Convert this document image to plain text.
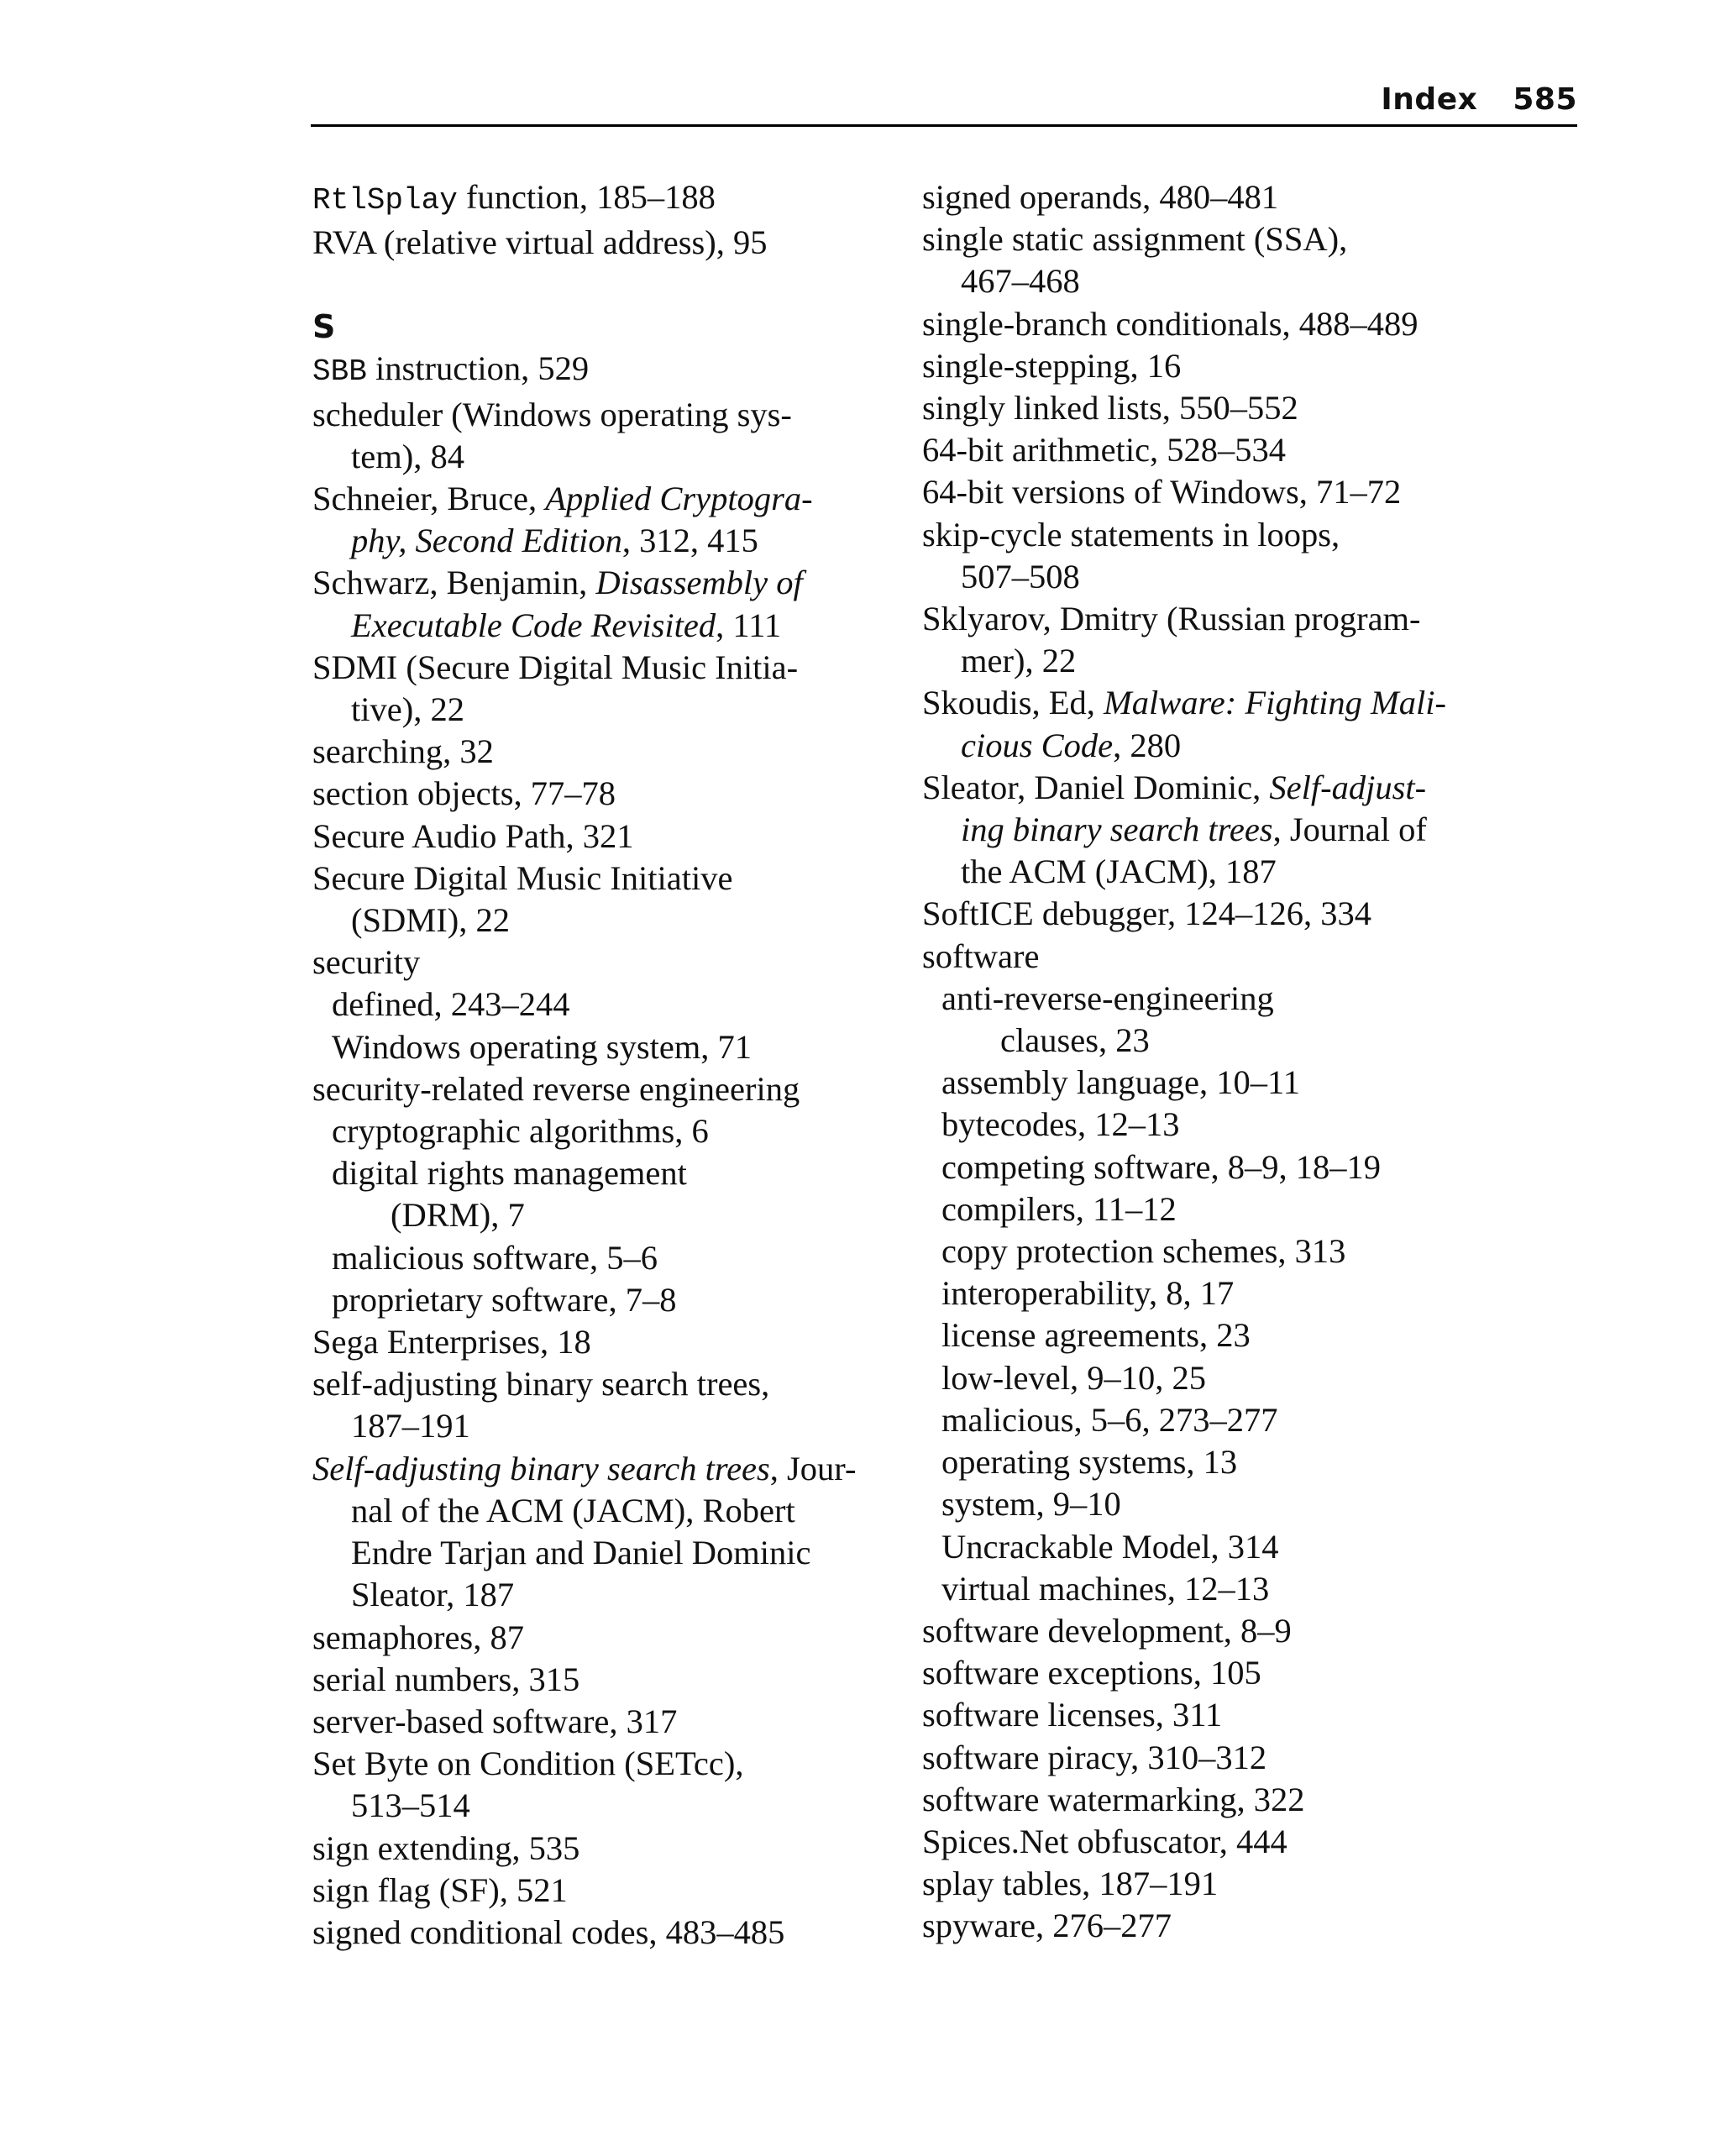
Index 585

RtlSplay function, 185–188

RVA (relative virtual address), 95

S

SBB instruction, 529

scheduler (Windows operating sys-
tem), 84

Schneier, Bruce, Applied Cryptogra-
phy, Second Edition, 312, 415

Schwarz, Benjamin, Disassembly of
Executable Code Revisited, 111

SDMI (Secure Digital Music Initia-
tive), 22

searching, 32

section objects, 77–78

Secure Audio Path, 321

Secure Digital Music Initiative
(SDMI), 22

security

defined, 243–244

Windows operating system, 71

security-related reverse engineering

cryptographic algorithms, 6

digital rights management
(DRM), 7

malicious software, 5–6

proprietary software, 7–8

Sega Enterprises, 18

self-adjusting binary search trees,
187–191

Self-adjusting binary search trees, Jour-
nal of the ACM (JACM), Robert
Endre Tarjan and Daniel Dominic
Sleator, 187

semaphores, 87

serial numbers, 315

server-based software, 317

Set Byte on Condition (SETcc),
513–514

sign extending, 535

sign flag (SF), 521

signed conditional codes, 483–485

signed operands, 480–481

single static assignment (SSA),
467–468

single-branch conditionals, 488–489

single-stepping, 16

singly linked lists, 550–552

64-bit arithmetic, 528–534

64-bit versions of Windows, 71–72

skip-cycle statements in loops,
507–508

Sklyarov, Dmitry (Russian program-
mer), 22

Skoudis, Ed, Malware: Fighting Mali-
cious Code, 280

Sleator, Daniel Dominic, Self-adjust-
ing binary search trees, Journal of
the ACM (JACM), 187

SoftICE debugger, 124–126, 334

software

anti-reverse-engineering
clauses, 23

assembly language, 10–11

bytecodes, 12–13

competing software, 8–9, 18–19

compilers, 11–12

copy protection schemes, 313

interoperability, 8, 17

license agreements, 23

low-level, 9–10, 25

malicious, 5–6, 273–277

operating systems, 13

system, 9–10

Uncrackable Model, 314

virtual machines, 12–13

software development, 8–9

software exceptions, 105

software licenses, 311

software piracy, 310–312

software watermarking, 322

Spices.Net obfuscator, 444

splay tables, 187–191

spyware, 276–277
